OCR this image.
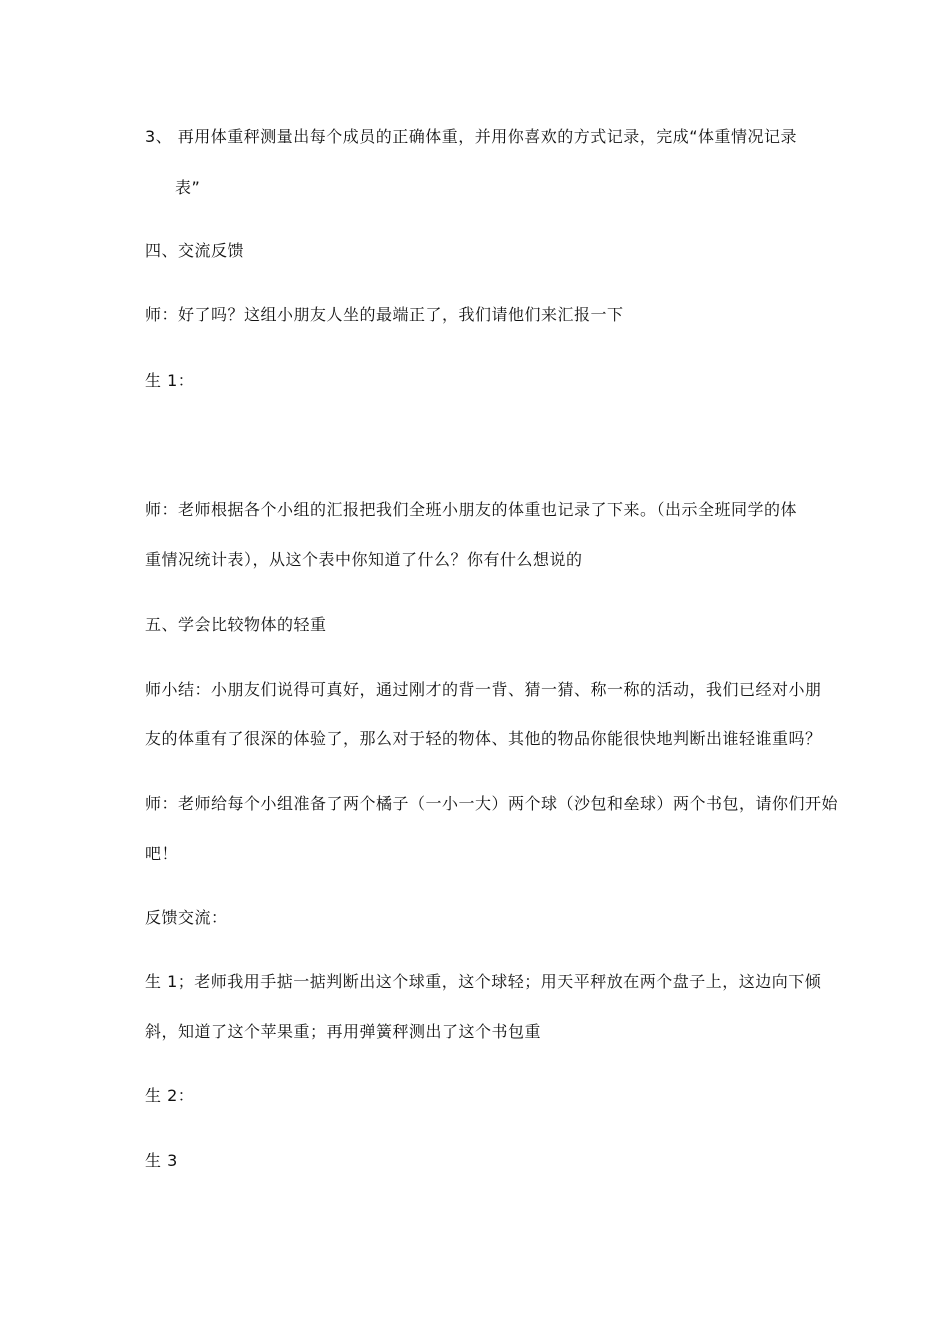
3、 再用体重秤测量出每个成员的正确体重，并用你喜欢的方式记录，完成“体重情况记录
表”
四、交流反馈
师：好了吗？这组小朋友人坐的最端正了，我们请他们来汇报一下
生 1：
师：老师根据各个小组的汇报把我们全班小朋友的体重也记录了下来。（出示全班同学的体
重情况统计表），从这个表中你知道了什么？你有什么想说的
五、学会比较物体的轻重
师小结：小朋友们说得可真好，通过刚才的背一背、猜一猜、称一称的活动，我们已经对小朋
友的体重有了很深的体验了，那么对于轻的物体、其他的物品你能很快地判断出谁轻谁重吗？
师：老师给每个小组准备了两个橘子（一小一大）两个球（沙包和垒球）两个书包，请你们开始
吧！
反馈交流：
生 1；老师我用手掂一掂判断出这个球重，这个球轻；用天平秤放在两个盘子上，这边向下倾
斜，知道了这个苹果重；再用弹簧秤测出了这个书包重
生 2：
生 3
